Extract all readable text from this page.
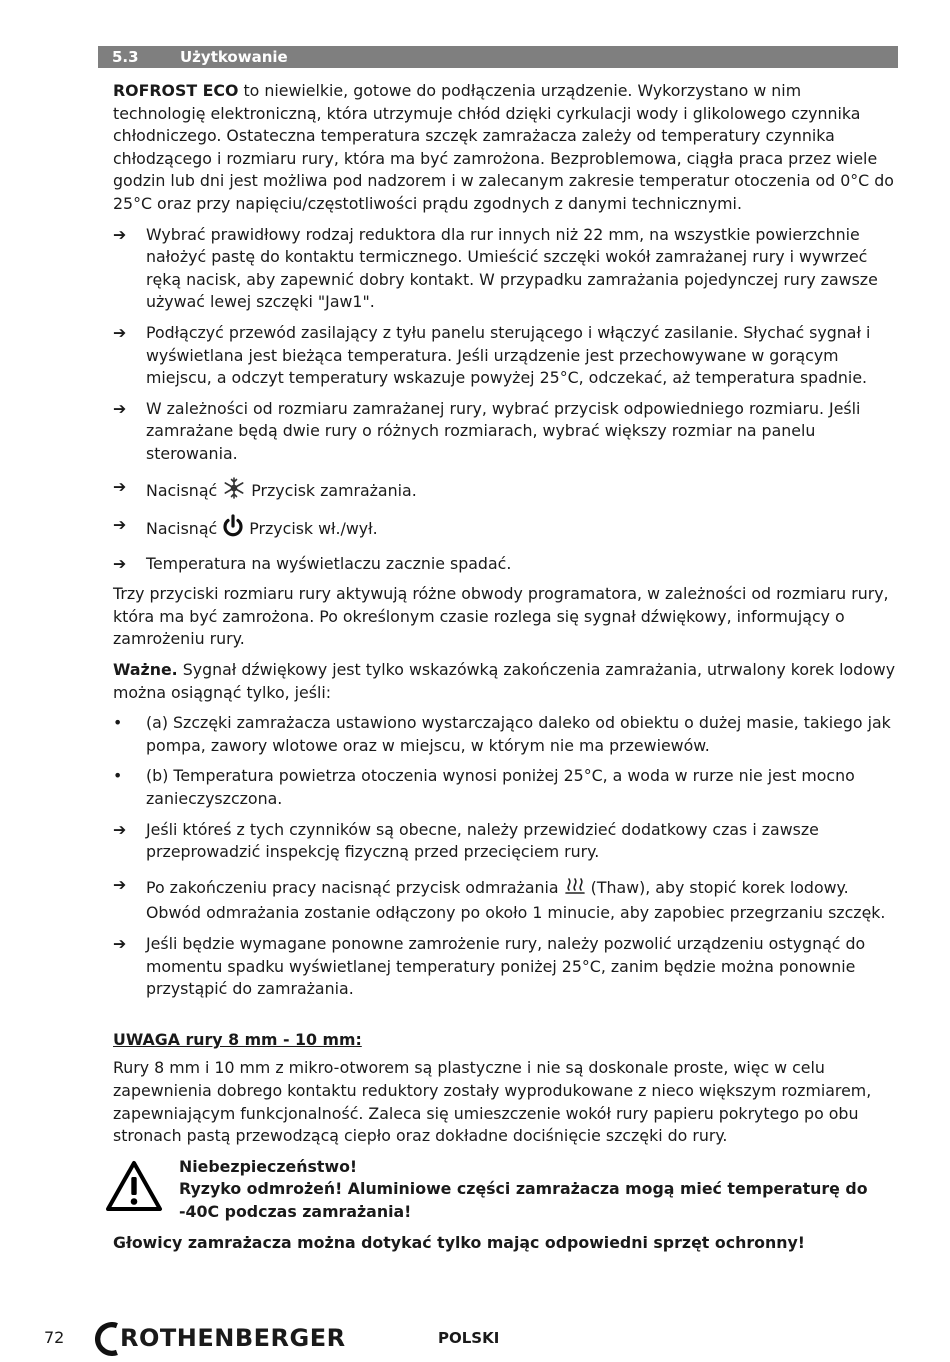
5.3	Użytkowanie

ROFROST ECO to niewielkie, gotowe do podłączenia urządzenie. Wykorzystano w nim technologię elektroniczną, która utrzymuje chłód dzięki cyrkulacji wody i glikolowego czynnika chłodniczego. Ostateczna temperatura szczęk zamrażacza zależy od temperatury czynnika chłodzącego i rozmiaru rury, która ma być zamrożona. Bezproblemowa, ciągła praca przez wiele godzin lub dni jest możliwa pod nadzorem i w zalecanym zakresie temperatur otoczenia od 0°C do 25°C oraz przy napięciu/częstotliwości prądu zgodnych z danymi technicznymi.

➔	Wybrać prawidłowy rodzaj reduktora dla rur innych niż 22 mm, na wszystkie powierzchnie nałożyć pastę do kontaktu termicznego. Umieścić szczęki wokół zamrażanej rury i wywrzeć ręką nacisk, aby zapewnić dobry kontakt. W przypadku zamrażania pojedynczej rury zawsze używać lewej szczęki "Jaw1".
➔	Podłączyć przewód zasilający z tyłu panelu sterującego i włączyć zasilanie. Słychać sygnał i wyświetlana jest bieżąca temperatura. Jeśli urządzenie jest przechowywane w gorącym miejscu, a odczyt temperatury wskazuje powyżej 25°C, odczekać, aż temperatura spadnie.
➔	W zależności od rozmiaru zamrażanej rury, wybrać przycisk odpowiedniego rozmiaru. Jeśli zamrażane będą dwie rury o różnych rozmiarach, wybrać większy rozmiar na panelu sterowania.
➔	Nacisnąć Przycisk zamrażania.
➔	Nacisnąć Przycisk wł./wył.
➔	Temperatura na wyświetlaczu zacznie spadać.

Trzy przyciski rozmiaru rury aktywują różne obwody programatora, w zależności od rozmiaru rury, która ma być zamrożona. Po określonym czasie rozlega się sygnał dźwiękowy, informujący o zamrożeniu rury.

Ważne. Sygnał dźwiękowy jest tylko wskazówką zakończenia zamrażania, utrwalony korek lodowy można osiągnąć tylko, jeśli:

•	(a) Szczęki zamrażacza ustawiono wystarczająco daleko od obiektu o dużej masie, takiego jak pompa, zawory wlotowe oraz w miejscu, w którym nie ma przewiewów.
•	(b) Temperatura powietrza otoczenia wynosi poniżej 25°C, a woda w rurze nie jest mocno zanieczyszczona.
➔	Jeśli któreś z tych czynników są obecne, należy przewidzieć dodatkowy czas i zawsze przeprowadzić inspekcję fizyczną przed przecięciem rury.
➔	Po zakończeniu pracy nacisnąć przycisk odmrażania (Thaw), aby stopić korek lodowy. Obwód odmrażania zostanie odłączony po około 1 minucie, aby zapobiec przegrzaniu szczęk.
➔	Jeśli będzie wymagane ponowne zamrożenie rury, należy pozwolić urządzeniu ostygnąć do momentu spadku wyświetlanej temperatury poniżej 25°C, zanim będzie można ponownie przystąpić do zamrażania.

UWAGA rury 8 mm - 10 mm:

Rury 8 mm i 10 mm z mikro-otworem są plastyczne i nie są doskonale proste, więc w celu zapewnienia dobrego kontaktu reduktory zostały wyprodukowane z nieco większym rozmiarem, zapewniającym funkcjonalność. Zaleca się umieszczenie wokół rury papieru pokrytego po obu stronach pastą przewodzącą ciepło oraz dokładne dociśnięcie szczęki do rury.

Niebezpieczeństwo!
Ryzyko odmrożeń! Aluminiowe części zamrażacza mogą mieć temperaturę do -40C podczas zamrażania!

Głowicy zamrażacza można dotykać tylko mając odpowiedni sprzęt ochronny!

72 ROTHENBERGER	POLSKI
